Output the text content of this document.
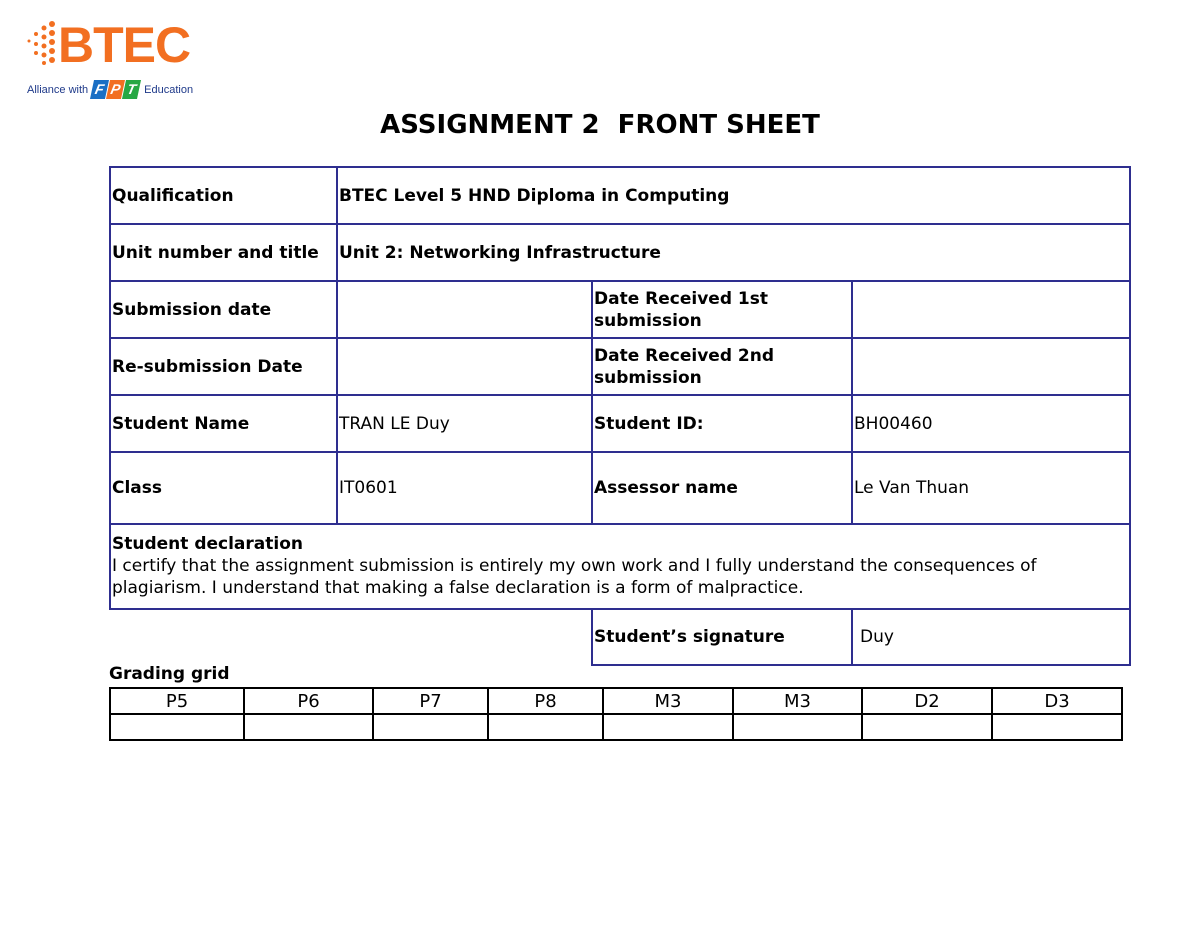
BTEC
Alliance with F P T Education
ASSIGNMENT 2  FRONT SHEET
Qualification	BTEC Level 5 HND Diploma in Computing		
Unit number and title	Unit 2: Networking Infrastructure		
Submission date		Date Received 1st submission	
Re-submission Date		Date Received 2nd submission	
Student Name	TRAN LE Duy	Student ID:	BH00460
Class	IT0601	Assessor name	Le Van Thuan

Student declaration
I certify that the assignment submission is entirely my own work and I fully understand the consequences of plagiarism. I understand that making a false declaration is a form of malpractice.			

		Student’s signature	Duy
Grading grid
P5	P6	P7	P8	M3	M3	D2	D3
